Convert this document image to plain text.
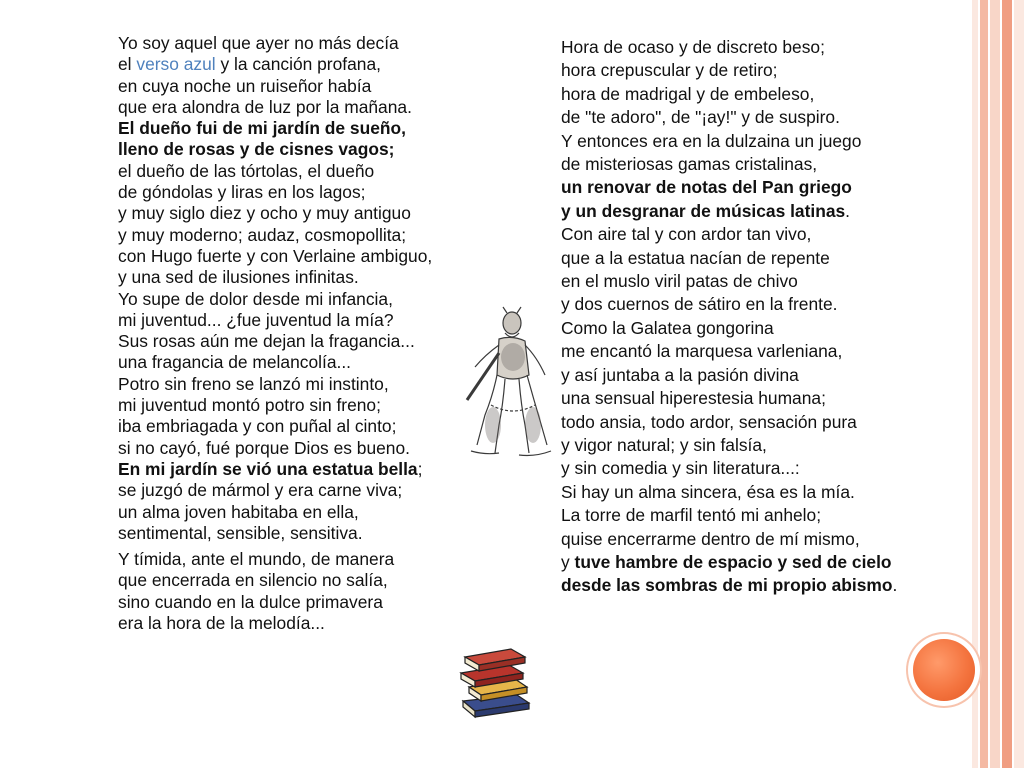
Yo soy aquel que ayer no más decía
el verso azul y la canción profana,
en cuya noche un ruiseñor había
que era alondra de luz por la mañana.
El dueño fui de mi jardín de sueño,
lleno de rosas y de cisnes vagos;
el dueño de las tórtolas, el dueño
de góndolas y liras en los lagos;
y muy siglo diez y ocho y muy antiguo
y muy moderno; audaz, cosmopollita;
con Hugo fuerte y con Verlaine ambiguo,
y una sed de ilusiones infinitas.
Yo supe de dolor desde mi infancia,
mi juventud... ¿fue juventud la mía?
Sus rosas aún me dejan la fragancia...
una fragancia de melancolía...
Potro sin freno se lanzó mi instinto,
mi juventud montó potro sin freno;
iba embriagada y con puñal al cinto;
si no cayó, fué porque Dios es bueno.
En mi jardín se vió una estatua bella;
se juzgó de mármol y era carne viva;
un alma joven habitaba en ella,
sentimental, sensible, sensitiva.
Y tímida, ante el mundo, de manera
que encerrada en silencio no salía,
sino cuando en la dulce primavera
era la hora de la melodía...
Hora de ocaso y de discreto beso;
hora crepuscular y de retiro;
hora de madrigal y de embeleso,
de "te adoro", de "¡ay!" y de suspiro.
Y entonces era en la dulzaina un juego
de misteriosas gamas cristalinas,
un renovar de notas del Pan griego
y un desgranar de músicas latinas.
Con aire tal y con ardor tan vivo,
que a la estatua nacían de repente
en el muslo viril patas de chivo
y dos cuernos de sátiro en la frente.
Como la Galatea gongorina
me encantó la marquesa varleniana,
y así juntaba a la pasión divina
una sensual hiperestesia humana;
todo ansia, todo ardor, sensación pura
y vigor natural; y sin falsía,
y sin comedia y sin literatura...:
Si hay un alma sincera, ésa es la mía.
La torre de marfil tentó mi anhelo;
quise encerrarme dentro de mí mismo,
y tuve hambre de espacio y sed de cielo
desde las sombras de mi propio abismo.
